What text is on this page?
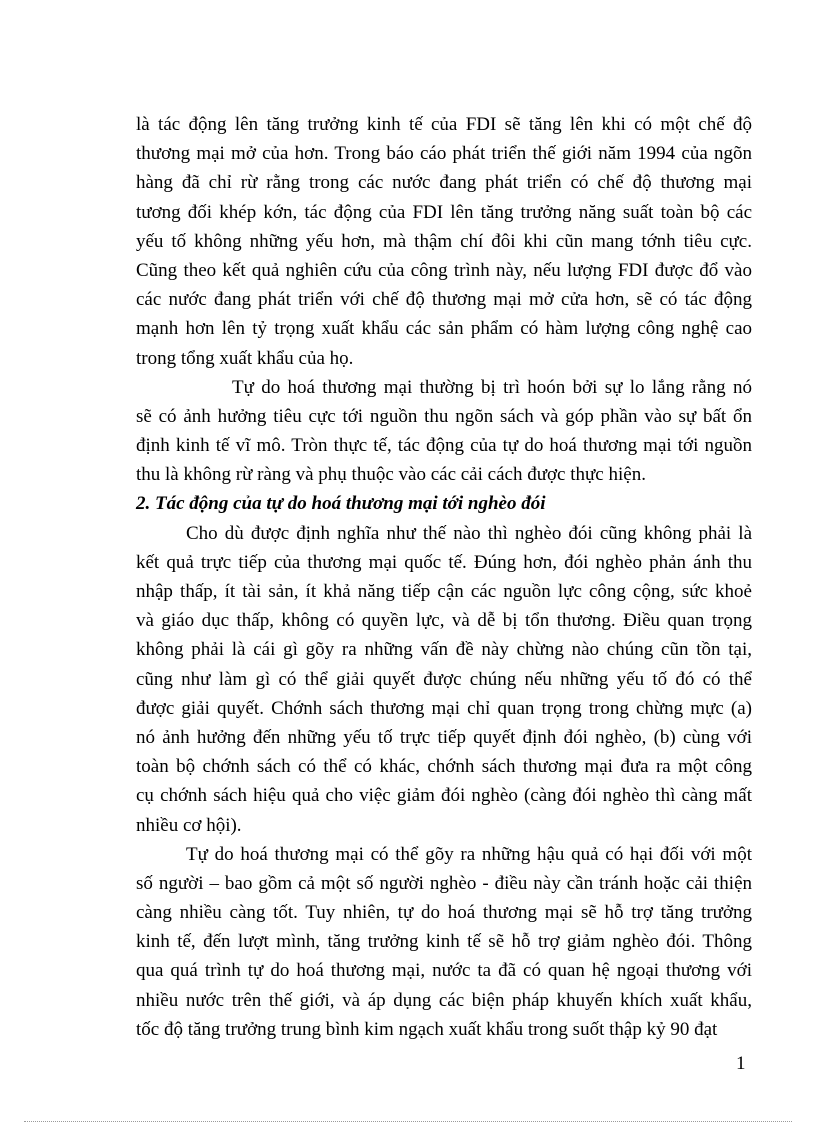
là tác động lên tăng trưởng kinh tế của FDI sẽ tăng lên khi có một chế độ
thương mại mở của hơn. Trong báo cáo phát triển thế giới năm 1994 của ngõn
hàng đã chỉ rừ rằng trong các nước đang phát triển có chế độ thương mại
tương đối khép kớn, tác động của FDI lên tăng trưởng năng suất toàn bộ các
yếu tố không những yếu hơn, mà thậm chí đôi khi cũn mang tớnh tiêu cực.
Cũng theo kết quả nghiên cứu của công trình này, nếu lượng FDI được đổ vào
các nước đang phát triển với chế độ thương mại mở cửa hơn, sẽ có tác động
mạnh hơn lên tỷ trọng xuất khẩu các sản phẩm có hàm lượng công nghệ cao
trong tổng xuất khẩu của họ.
Tự do hoá thương mại thường bị trì hoón bởi sự lo lắng rằng nó
sẽ có ảnh hưởng tiêu cực tới nguồn thu ngõn sách và góp phần vào sự bất ổn
định kinh tế vĩ mô. Tròn thực tế, tác động của tự do hoá thương mại tới nguồn
thu là không rừ ràng và phụ thuộc vào các cải cách được thực hiện.
2. Tác động của tự do hoá thương mại tới nghèo đói
Cho dù được định nghĩa như thế nào thì nghèo đói cũng không phải là
kết quả trực tiếp của thương mại quốc tế. Đúng hơn, đói nghèo phản ánh thu
nhập thấp, ít tài sản, ít khả năng tiếp cận các nguồn lực công cộng, sức khoẻ
và giáo dục thấp, không có quyền lực, và dễ bị tổn thương. Điều quan trọng
không phải là cái gì gõy ra những vấn đề này chừng nào chúng cũn tồn tại,
cũng như làm gì có thể giải quyết được chúng nếu những yếu tố đó có thể
được giải quyết. Chớnh sách thương mại chỉ quan trọng trong chừng mực (a)
nó ảnh hưởng đến những yếu tố trực tiếp quyết định đói nghèo, (b) cùng với
toàn bộ chớnh sách có thể có khác, chớnh sách thương mại đưa ra một công
cụ chớnh sách hiệu quả cho việc giảm đói nghèo (càng đói nghèo thì càng mất
nhiều cơ hội).
Tự do hoá thương mại có thể gõy ra những hậu quả có hại đối với một
số người – bao gồm cả một số người nghèo - điều này cần tránh hoặc cải thiện
càng nhiều càng tốt. Tuy nhiên, tự do hoá thương mại sẽ hỗ trợ tăng trưởng
kinh tế, đến lượt mình, tăng trưởng kinh tế sẽ hỗ trợ giảm nghèo đói. Thông
qua quá trình tự do hoá thương mại, nước ta đã có quan hệ ngoại thương với
nhiều nước trên thế giới, và áp dụng các biện pháp khuyến khích xuất khẩu,
tốc độ tăng trưởng trung bình kim ngạch xuất khẩu trong suốt thập kỷ 90 đạt
1
